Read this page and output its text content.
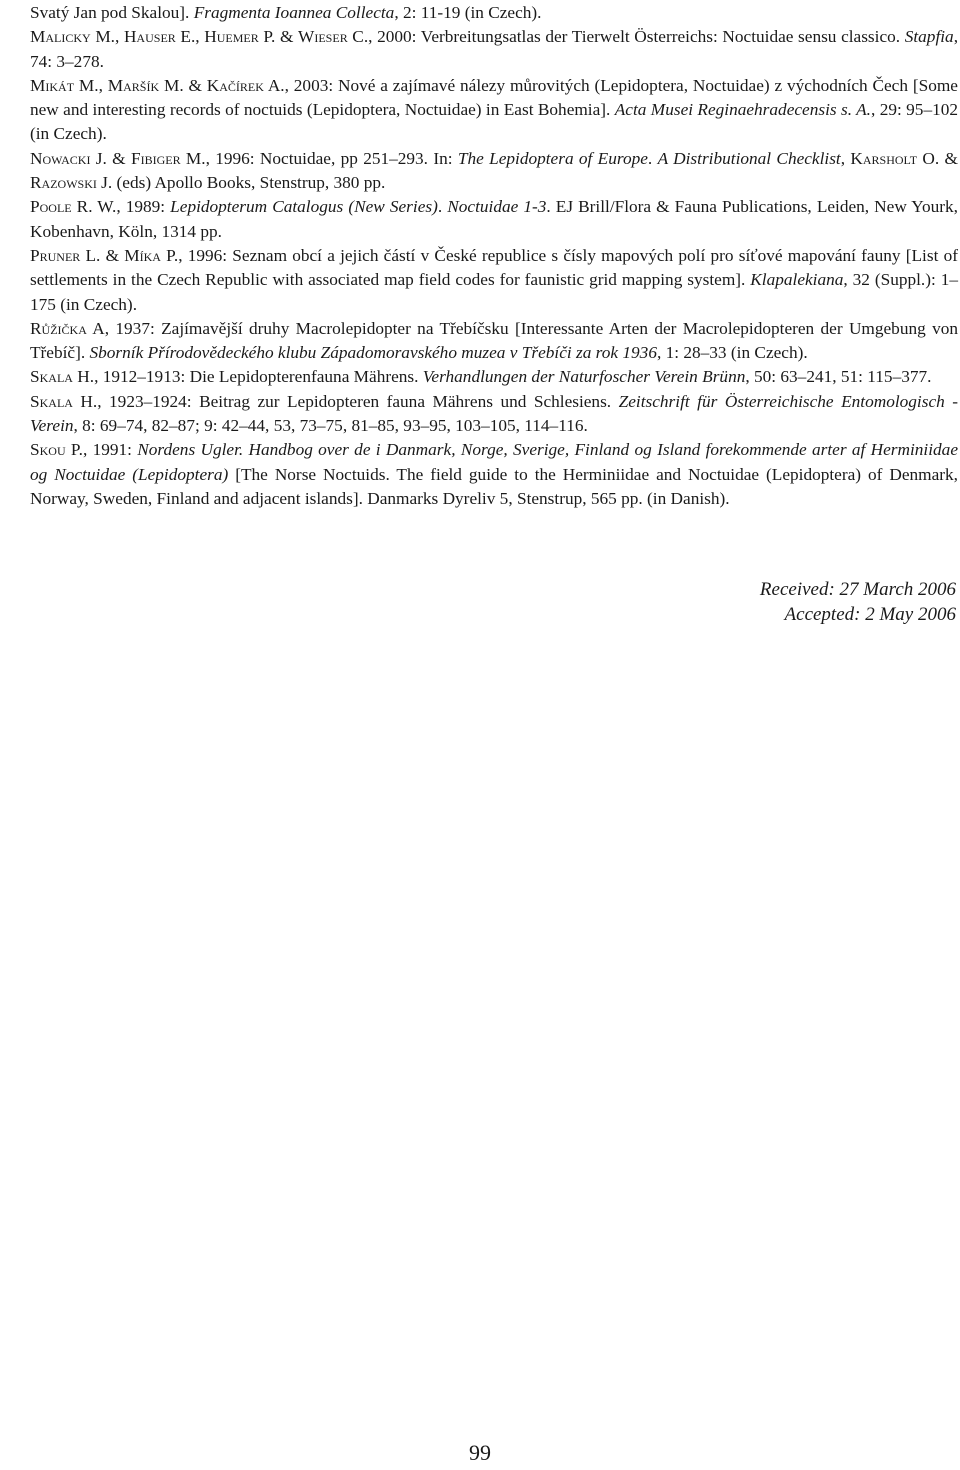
Svatý Jan pod Skalou]. Fragmenta Ioannea Collecta, 2: 11-19 (in Czech).

Malicky M., Hauser E., Huemer P. & Wieser C., 2000: Verbreitungsatlas der Tierwelt Österreichs: Noctuidae sensu classico. Stapfia, 74: 3–278.

Mikát M., Maršík M. & Kačírek A., 2003: Nové a zajímavé nálezy můrovitých (Lepidoptera, Noctuidae) z východních Čech [Some new and interesting records of noctuids (Lepidoptera, Noctuidae) in East Bohemia]. Acta Musei Reginaehradecensis s. A., 29: 95–102 (in Czech).

Nowacki J. & Fibiger M., 1996: Noctuidae, pp 251–293. In: The Lepidoptera of Europe. A Distributional Checklist, Karsholt O. & Razowski J. (eds) Apollo Books, Stenstrup, 380 pp.

Poole R. W., 1989: Lepidopterum Catalogus (New Series). Noctuidae 1-3. EJ Brill/Flora & Fauna Publications, Leiden, New Yourk, Kobenhavn, Köln, 1314 pp.

Pruner L. & Míka P., 1996: Seznam obcí a jejich částí v České republice s čísly mapových polí pro síťové mapování fauny [List of settlements in the Czech Republic with associated map field codes for faunistic grid mapping system]. Klapalekiana, 32 (Suppl.): 1–175 (in Czech).

Růžička A, 1937: Zajímavější druhy Macrolepidopter na Třebíčsku [Interessante Arten der Macrolepidopteren der Umgebung von Třebíč]. Sborník Přírodovědeckého klubu Západomoravského muzea v Třebíči za rok 1936, 1: 28–33 (in Czech).

Skala H., 1912–1913: Die Lepidopterenfauna Mährens. Verhandlungen der Naturfoscher Verein Brünn, 50: 63–241, 51: 115–377.

Skala H., 1923–1924: Beitrag zur Lepidopteren fauna Mährens und Schlesiens. Zeitschrift für Österreichische Entomologisch - Verein, 8: 69–74, 82–87; 9: 42–44, 53, 73–75, 81–85, 93–95, 103–105, 114–116.

Skou P., 1991: Nordens Ugler. Handbog over de i Danmark, Norge, Sverige, Finland og Island forekommende arter af Herminiidae og Noctuidae (Lepidoptera) [The Norse Noctuids. The field guide to the Herminiidae and Noctuidae (Lepidoptera) of Denmark, Norway, Sweden, Finland and adjacent islands]. Danmarks Dyreliv 5, Stenstrup, 565 pp. (in Danish).

Received: 27 March 2006
Accepted: 2 May 2006
99
